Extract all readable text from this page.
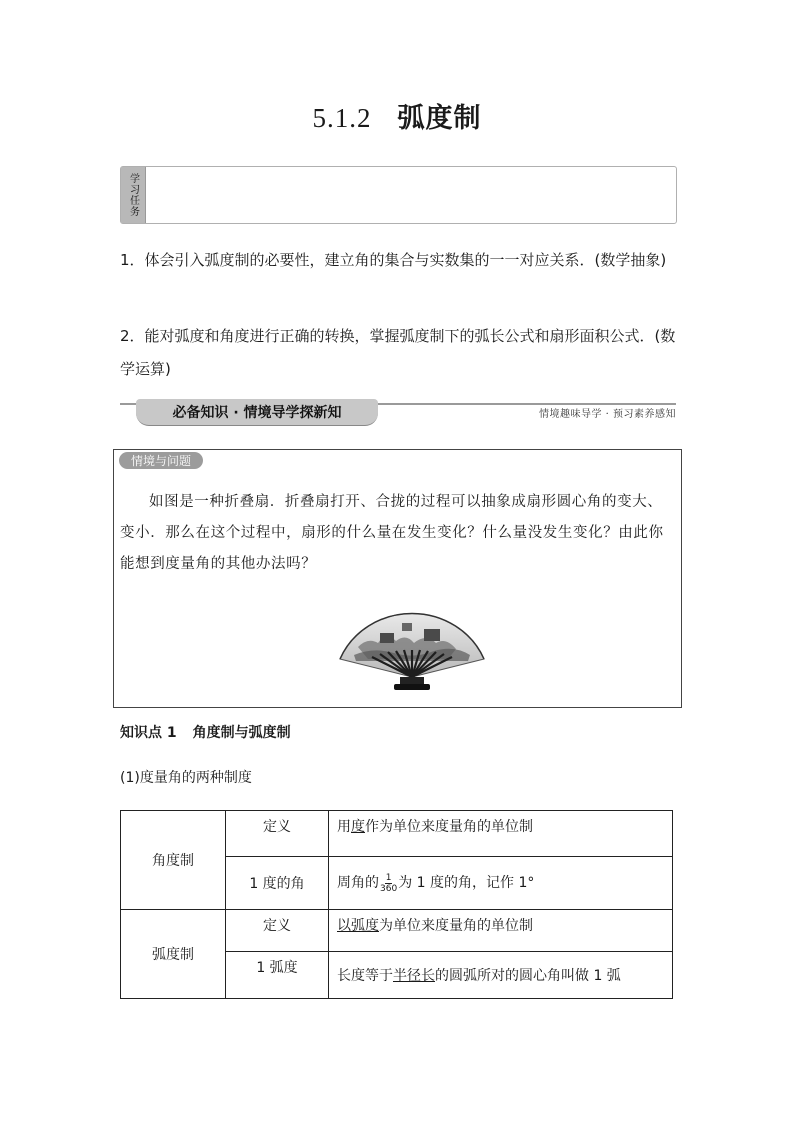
5.1.2 弧度制
学习任务
1．体会引入弧度制的必要性，建立角的集合与实数集的一一对应关系．(数学抽象)
2．能对弧度和角度进行正确的转换，掌握弧度制下的弧长公式和扇形面积公式．(数学运算)
必备知识 · 情境导学探新知	情境趣味导学 · 预习素养感知
情境与问题
如图是一种折叠扇．折叠扇打开、合拢的过程可以抽象成扇形圆心角的变大、变小．那么在这个过程中，扇形的什么量在发生变化？什么量没发生变化？由此你能想到度量角的其他办法吗？
知识点 1 角度制与弧度制
(1)度量角的两种制度
角度制	定义	用度作为单位来度量角的单位制
	1 度的角	周角的 $\frac{1}{360}$ 为 1 度的角，记作 1°
弧度制	定义	以弧度为单位来度量角的单位制
	1 弧度	长度等于半径长的圆弧所对的圆心角叫做 1 弧
